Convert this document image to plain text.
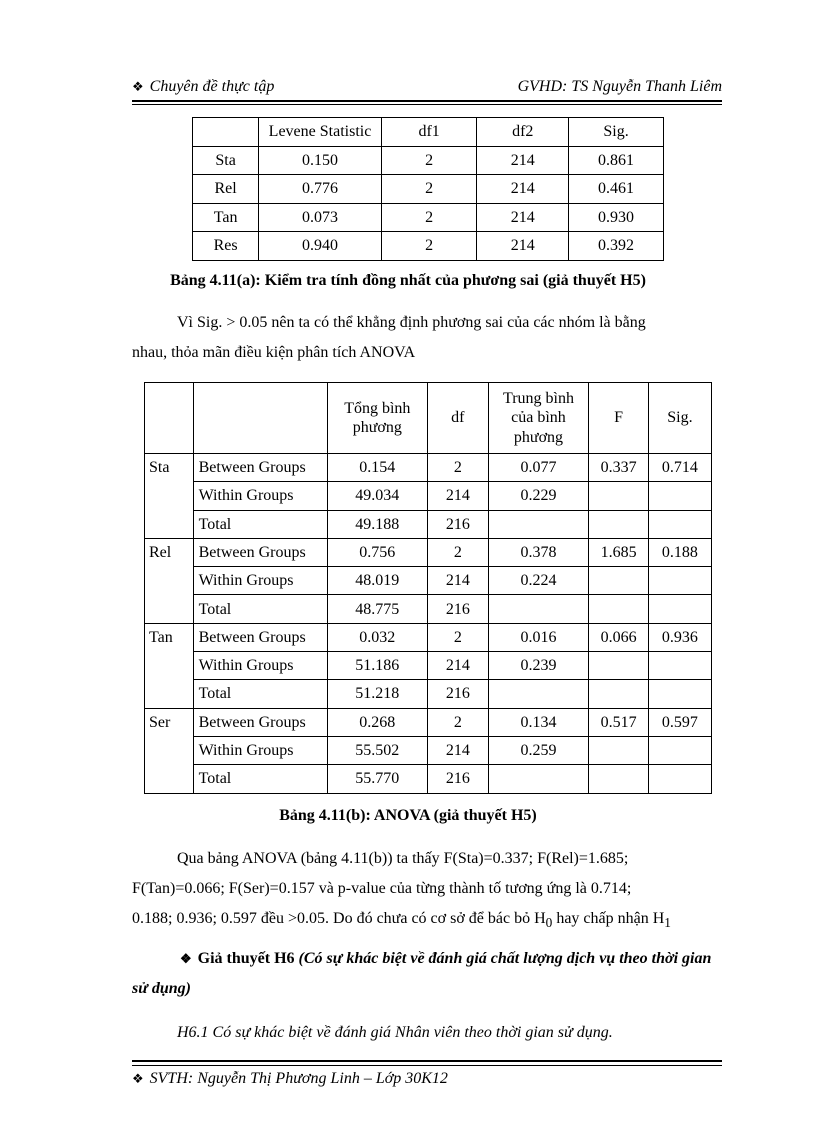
❖ Chuyên đề thực tập	GVHD: TS Nguyễn Thanh Liêm
	Levene Statistic	df1	df2	Sig.
Sta	0.150	2	214	0.861
Rel	0.776	2	214	0.461
Tan	0.073	2	214	0.930
Res	0.940	2	214	0.392
Bảng 4.11(a): Kiểm tra tính đồng nhất của phương sai (giả thuyết H5)
Vì Sig. > 0.05 nên ta có thể khẳng định phương sai của các nhóm là bằng
nhau, thỏa mãn điều kiện phân tích ANOVA
		Tổng bình phương	df	Trung bình của bình phương	F	Sig.
Sta	Between Groups	0.154	2	0.077	0.337	0.714
	Within Groups	49.034	214	0.229		
	Total	49.188	216			
Rel	Between Groups	0.756	2	0.378	1.685	0.188
	Within Groups	48.019	214	0.224		
	Total	48.775	216			
Tan	Between Groups	0.032	2	0.016	0.066	0.936
	Within Groups	51.186	214	0.239		
	Total	51.218	216			
Ser	Between Groups	0.268	2	0.134	0.517	0.597
	Within Groups	55.502	214	0.259		
	Total	55.770	216			
Bảng 4.11(b): ANOVA (giả thuyết H5)
Qua bảng ANOVA (bảng 4.11(b)) ta thấy F(Sta)=0.337; F(Rel)=1.685;
F(Tan)=0.066; F(Ser)=0.157 và p-value của từng thành tố tương ứng là 0.714;
0.188; 0.936; 0.597 đều >0.05. Do đó chưa có cơ sở để bác bỏ $H_0$ hay chấp nhận $H_1$
❖ Giả thuyết H6 (Có sự khác biệt về đánh giá chất lượng dịch vụ theo thời gian sử dụng)
H6.1 Có sự khác biệt về đánh giá Nhân viên theo thời gian sử dụng.
❖ SVTH: Nguyễn Thị Phương Linh – Lớp 30K12
